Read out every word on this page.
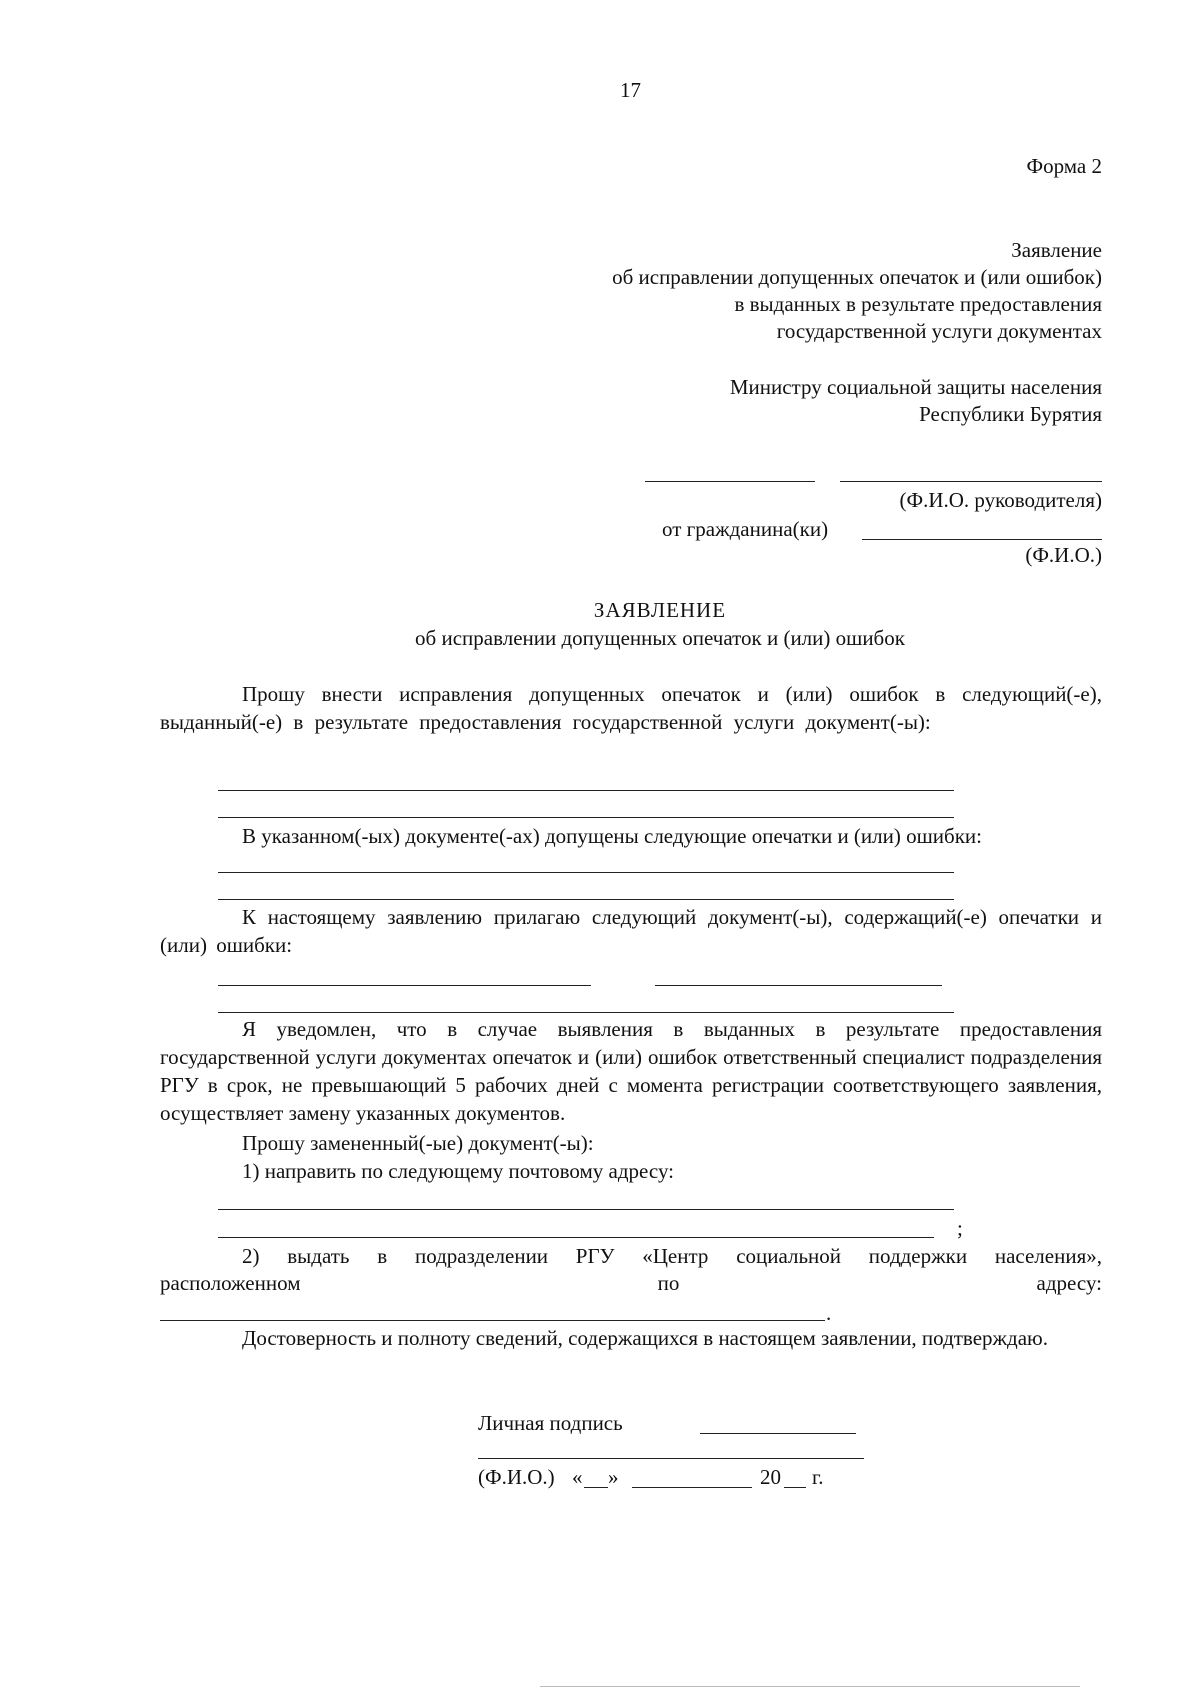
17
Форма 2
Заявление
об исправлении допущенных опечаток и (или ошибок)
в выданных в результате предоставления
государственной услуги документах
Министру социальной защиты населения
Республики Бурятия
(Ф.И.О. руководителя)
от гражданина(ки)
(Ф.И.О.)
ЗАЯВЛЕНИЕ
об исправлении допущенных опечаток и (или) ошибок
Прошу внести исправления допущенных опечаток и (или) ошибок в следующий(-е), выданный(-е) в результате предоставления государственной услуги документ(-ы):
В указанном(-ых) документе(-ах) допущены следующие опечатки и (или) ошибки:
К настоящему заявлению прилагаю следующий документ(-ы), содержащий(-е) опечатки и (или) ошибки:
Я уведомлен, что в случае выявления в выданных в результате предоставления государственной услуги документах опечаток и (или) ошибок ответственный специалист подразделения РГУ в срок, не превышающий 5 рабочих дней с момента регистрации соответствующего заявления, осуществляет замену указанных документов.
Прошу замененный(-ые) документ(-ы):
1) направить по следующему почтовому адресу:
;
2) выдать в подразделении РГУ «Центр социальной поддержки населения»,
расположенном	по	адресу:
.
Достоверность и полноту сведений, содержащихся в настоящем заявлении, подтверждаю.
Личная подпись
(Ф.И.О.) « »	20 г.
